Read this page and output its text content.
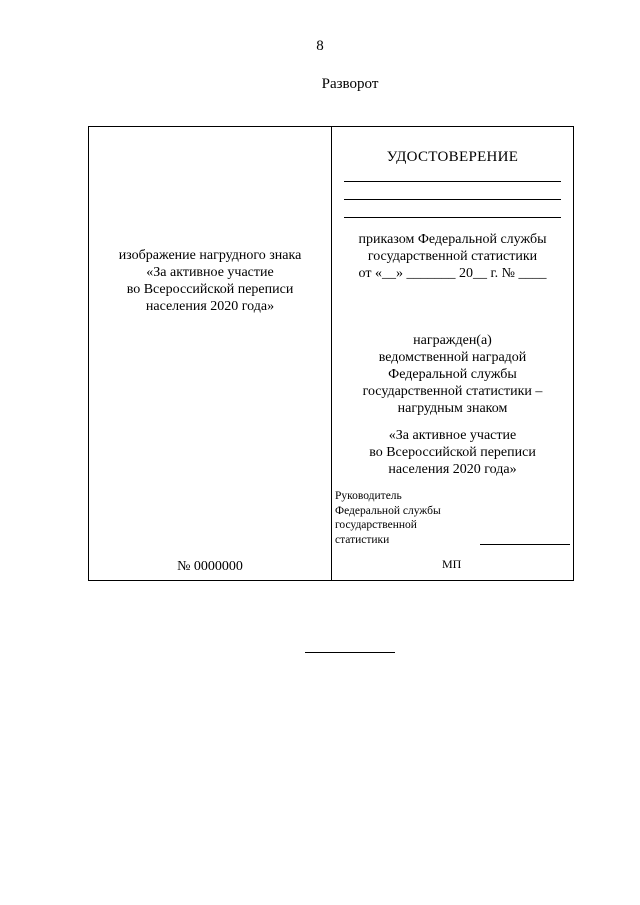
8
Разворот
изображение нагрудного знака
«За активное участие
во Всероссийской переписи
населения 2020 года»
№ 0000000
УДОСТОВЕРЕНИЕ
приказом Федеральной службы
государственной статистики
от «__» _______ 20__ г. № ____
награжден(а)
ведомственной наградой
Федеральной службы
государственной статистики –
нагрудным знаком
«За активное участие
во Всероссийской переписи
населения 2020 года»
Руководитель
Федеральной службы
государственной
статистики
МП
